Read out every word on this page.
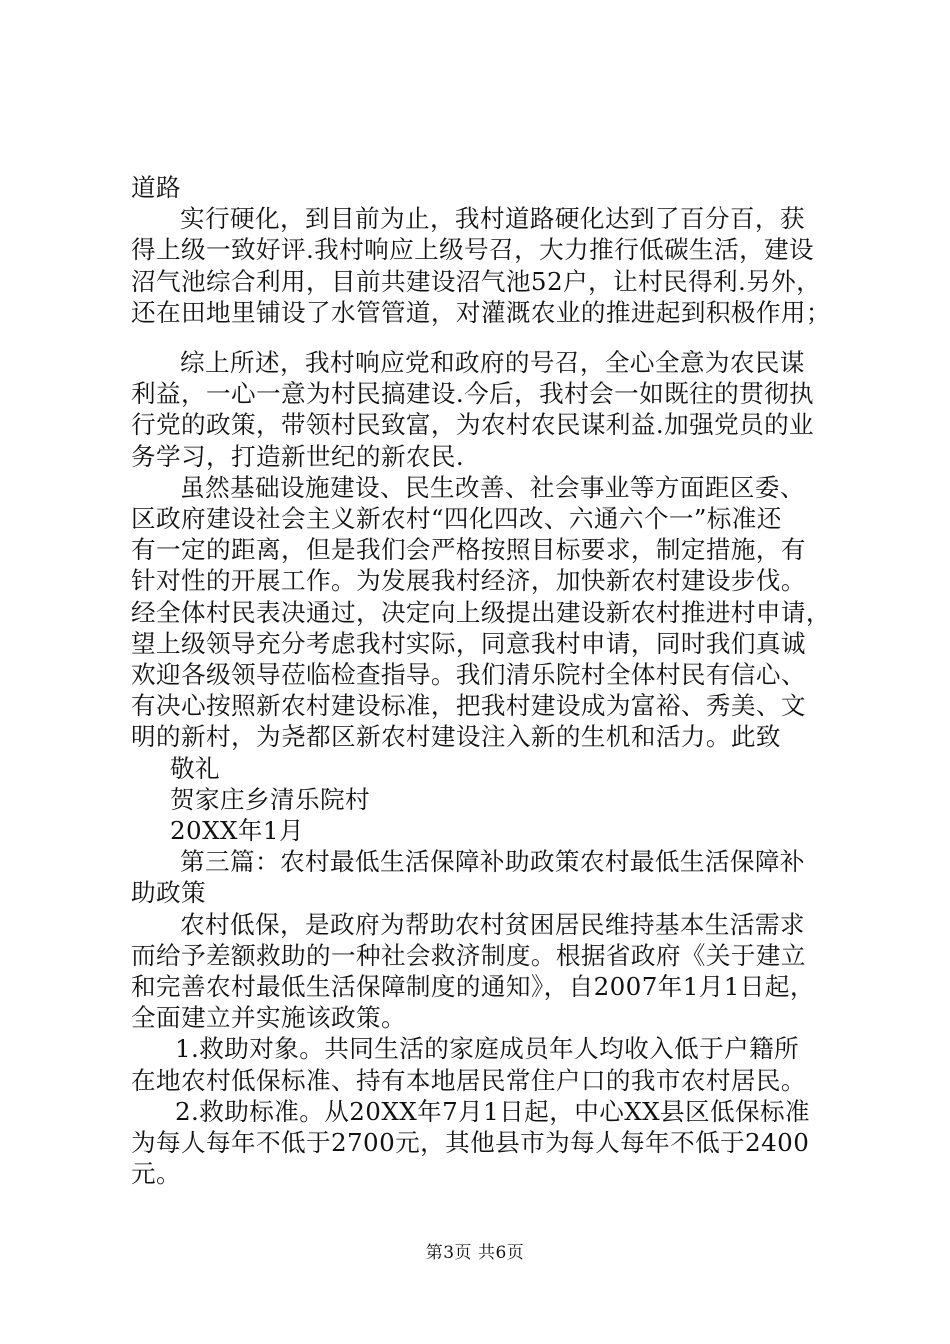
道路
实行硬化，到目前为止，我村道路硬化达到了百分百，获
得上级一致好评.我村响应上级号召，大力推行低碳生活，建设
沼气池综合利用，目前共建设沼气池52户，让村民得利.另外，
还在田地里铺设了水管管道，对灌溉农业的推进起到积极作用；
综上所述，我村响应党和政府的号召，全心全意为农民谋
利益，一心一意为村民搞建设.今后，我村会一如既往的贯彻执
行党的政策，带领村民致富，为农村农民谋利益.加强党员的业
务学习，打造新世纪的新农民.
虽然基础设施建设、民生改善、社会事业等方面距区委、
区政府建设社会主义新农村“四化四改、六通六个一”标准还
有一定的距离，但是我们会严格按照目标要求，制定措施，有
针对性的开展工作。为发展我村经济，加快新农村建设步伐。
经全体村民表决通过，决定向上级提出建设新农村推进村申请，
望上级领导充分考虑我村实际，同意我村申请，同时我们真诚
欢迎各级领导莅临检查指导。我们清乐院村全体村民有信心、
有决心按照新农村建设标准，把我村建设成为富裕、秀美、文
明的新村，为尧都区新农村建设注入新的生机和活力。此致
敬礼
贺家庄乡清乐院村
20XX年1月
第三篇：农村最低生活保障补助政策农村最低生活保障补
助政策
农村低保，是政府为帮助农村贫困居民维持基本生活需求
而给予差额救助的一种社会救济制度。根据省政府《关于建立
和完善农村最低生活保障制度的通知》，自2007年1月1日起，
全面建立并实施该政策。
1.救助对象。共同生活的家庭成员年人均收入低于户籍所
在地农村低保标准、持有本地居民常住户口的我市农村居民。
2.救助标准。从20XX年7月1日起，中心XX县区低保标准
为每人每年不低于2700元，其他县市为每人每年不低于2400
元。
第3页 共6页
